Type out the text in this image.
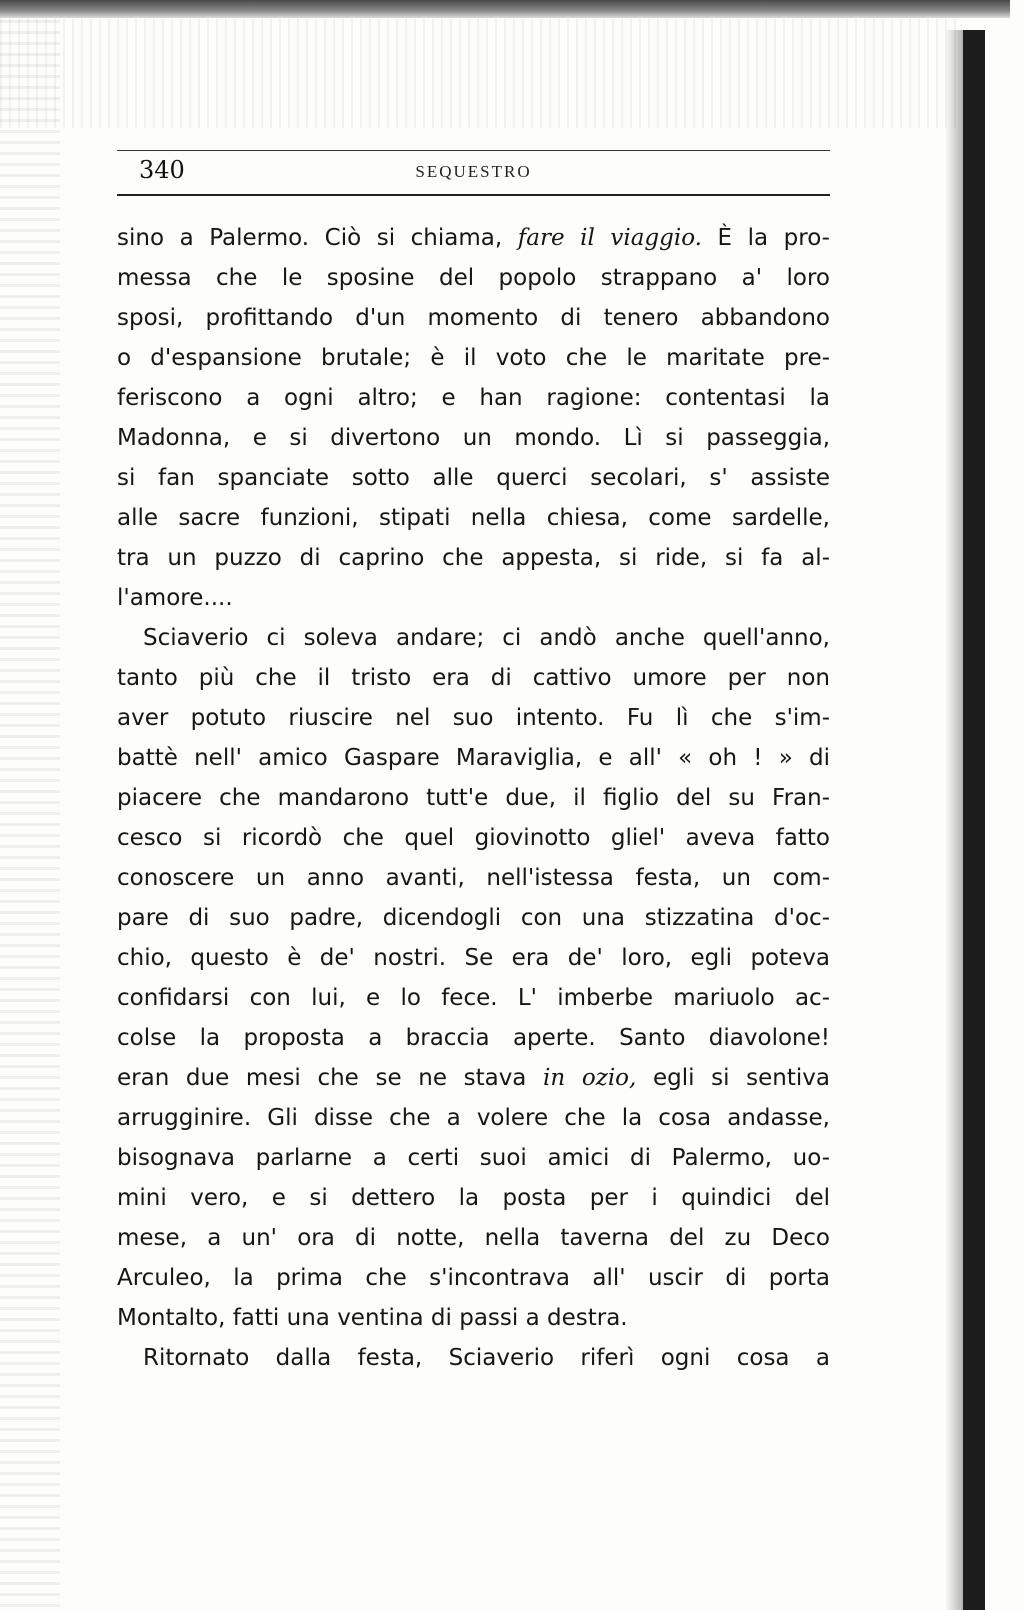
340	SEQUESTRO
sino a Palermo. Ciò si chiama, fare il viaggio. È la pro-
messa che le sposine del popolo strappano a' loro
sposi, profittando d'un momento di tenero abbandono
o d'espansione brutale; è il voto che le maritate pre-
feriscono a ogni altro; e han ragione: contentasi la
Madonna, e si divertono un mondo. Lì si passeggia,
si fan spanciate sotto alle querci secolari, s' assiste
alle sacre funzioni, stipati nella chiesa, come sardelle,
tra un puzzo di caprino che appesta, si ride, si fa al-
l'amore....
Sciaverio ci soleva andare; ci andò anche quell'anno,
tanto più che il tristo era di cattivo umore per non
aver potuto riuscire nel suo intento. Fu lì che s'im-
battè nell' amico Gaspare Maraviglia, e all' « oh ! » di
piacere che mandarono tutt'e due, il figlio del su Fran-
cesco si ricordò che quel giovinotto gliel' aveva fatto
conoscere un anno avanti, nell'istessa festa, un com-
pare di suo padre, dicendogli con una stizzatina d'oc-
chio, questo è de' nostri. Se era de' loro, egli poteva
confidarsi con lui, e lo fece. L' imberbe mariuolo ac-
colse la proposta a braccia aperte. Santo diavolone!
eran due mesi che se ne stava in ozio, egli si sentiva
arrugginire. Gli disse che a volere che la cosa andasse,
bisognava parlarne a certi suoi amici di Palermo, uo-
mini vero, e si dettero la posta per i quindici del
mese, a un' ora di notte, nella taverna del zu Deco
Arculeo, la prima che s'incontrava all' uscir di porta
Montalto, fatti una ventina di passi a destra.
Ritornato dalla festa, Sciaverio riferì ogni cosa a
